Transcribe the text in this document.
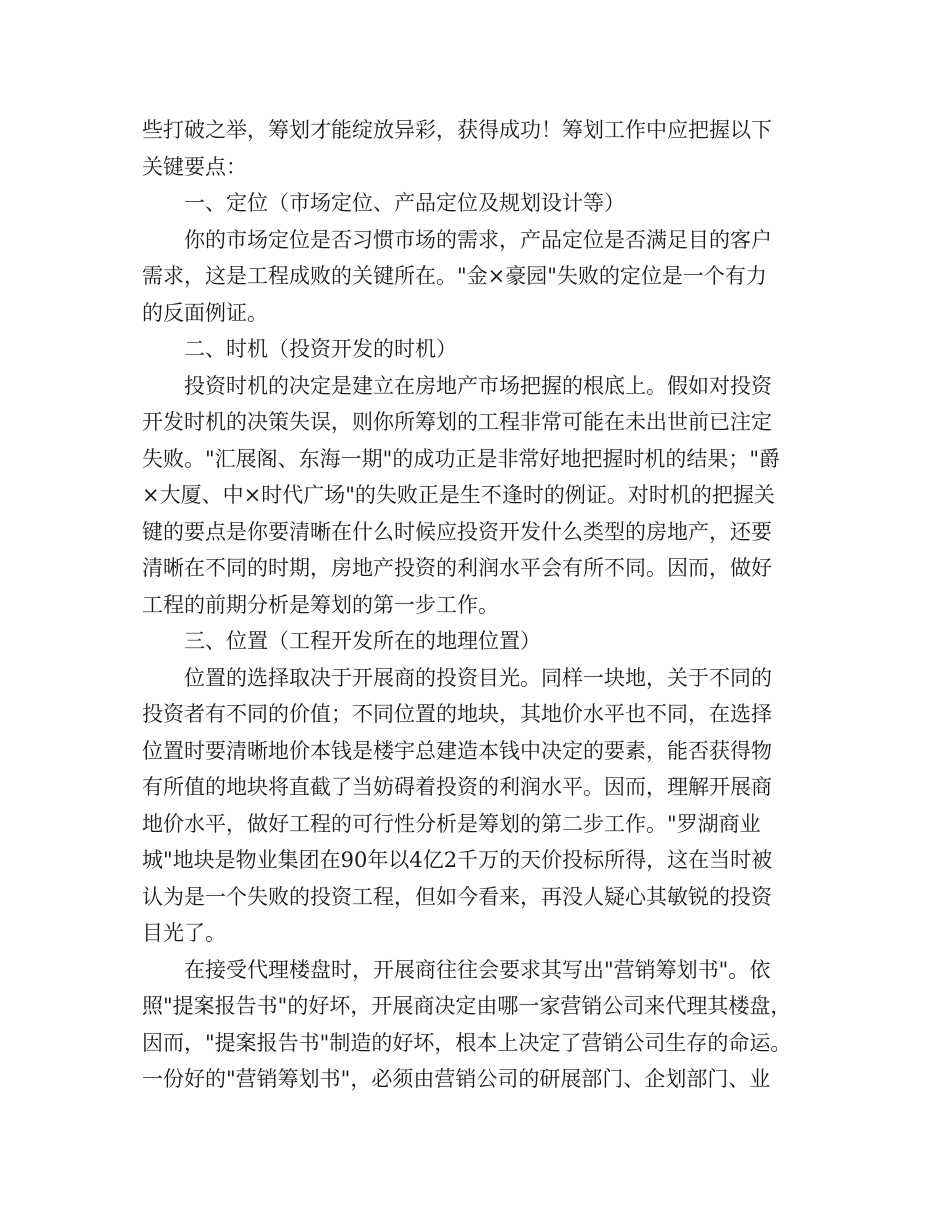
些打破之举，筹划才能绽放异彩，获得成功！筹划工作中应把握以下
关键要点：
一、定位（市场定位、产品定位及规划设计等）
你的市场定位是否习惯市场的需求，产品定位是否满足目的客户
需求，这是工程成败的关键所在。"金×豪园"失败的定位是一个有力
的反面例证。
二、时机（投资开发的时机）
投资时机的决定是建立在房地产市场把握的根底上。假如对投资
开发时机的决策失误，则你所筹划的工程非常可能在未出世前已注定
失败。"汇展阁、东海一期"的成功正是非常好地把握时机的结果；"爵
×大厦、中×时代广场"的失败正是生不逢时的例证。对时机的把握关
键的要点是你要清晰在什么时候应投资开发什么类型的房地产，还要
清晰在不同的时期，房地产投资的利润水平会有所不同。因而，做好
工程的前期分析是筹划的第一步工作。
三、位置（工程开发所在的地理位置）
位置的选择取决于开展商的投资目光。同样一块地，关于不同的
投资者有不同的价值；不同位置的地块，其地价水平也不同，在选择
位置时要清晰地价本钱是楼宇总建造本钱中决定的要素，能否获得物
有所值的地块将直截了当妨碍着投资的利润水平。因而，理解开展商
地价水平，做好工程的可行性分析是筹划的第二步工作。"罗湖商业
城"地块是物业集团在90年以4亿2千万的天价投标所得，这在当时被
认为是一个失败的投资工程，但如今看来，再没人疑心其敏锐的投资
目光了。
在接受代理楼盘时，开展商往往会要求其写出"营销筹划书"。依
照"提案报告书"的好坏，开展商决定由哪一家营销公司来代理其楼盘，
因而，"提案报告书"制造的好坏，根本上决定了营销公司生存的命运。
一份好的"营销筹划书"，必须由营销公司的研展部门、企划部门、业
